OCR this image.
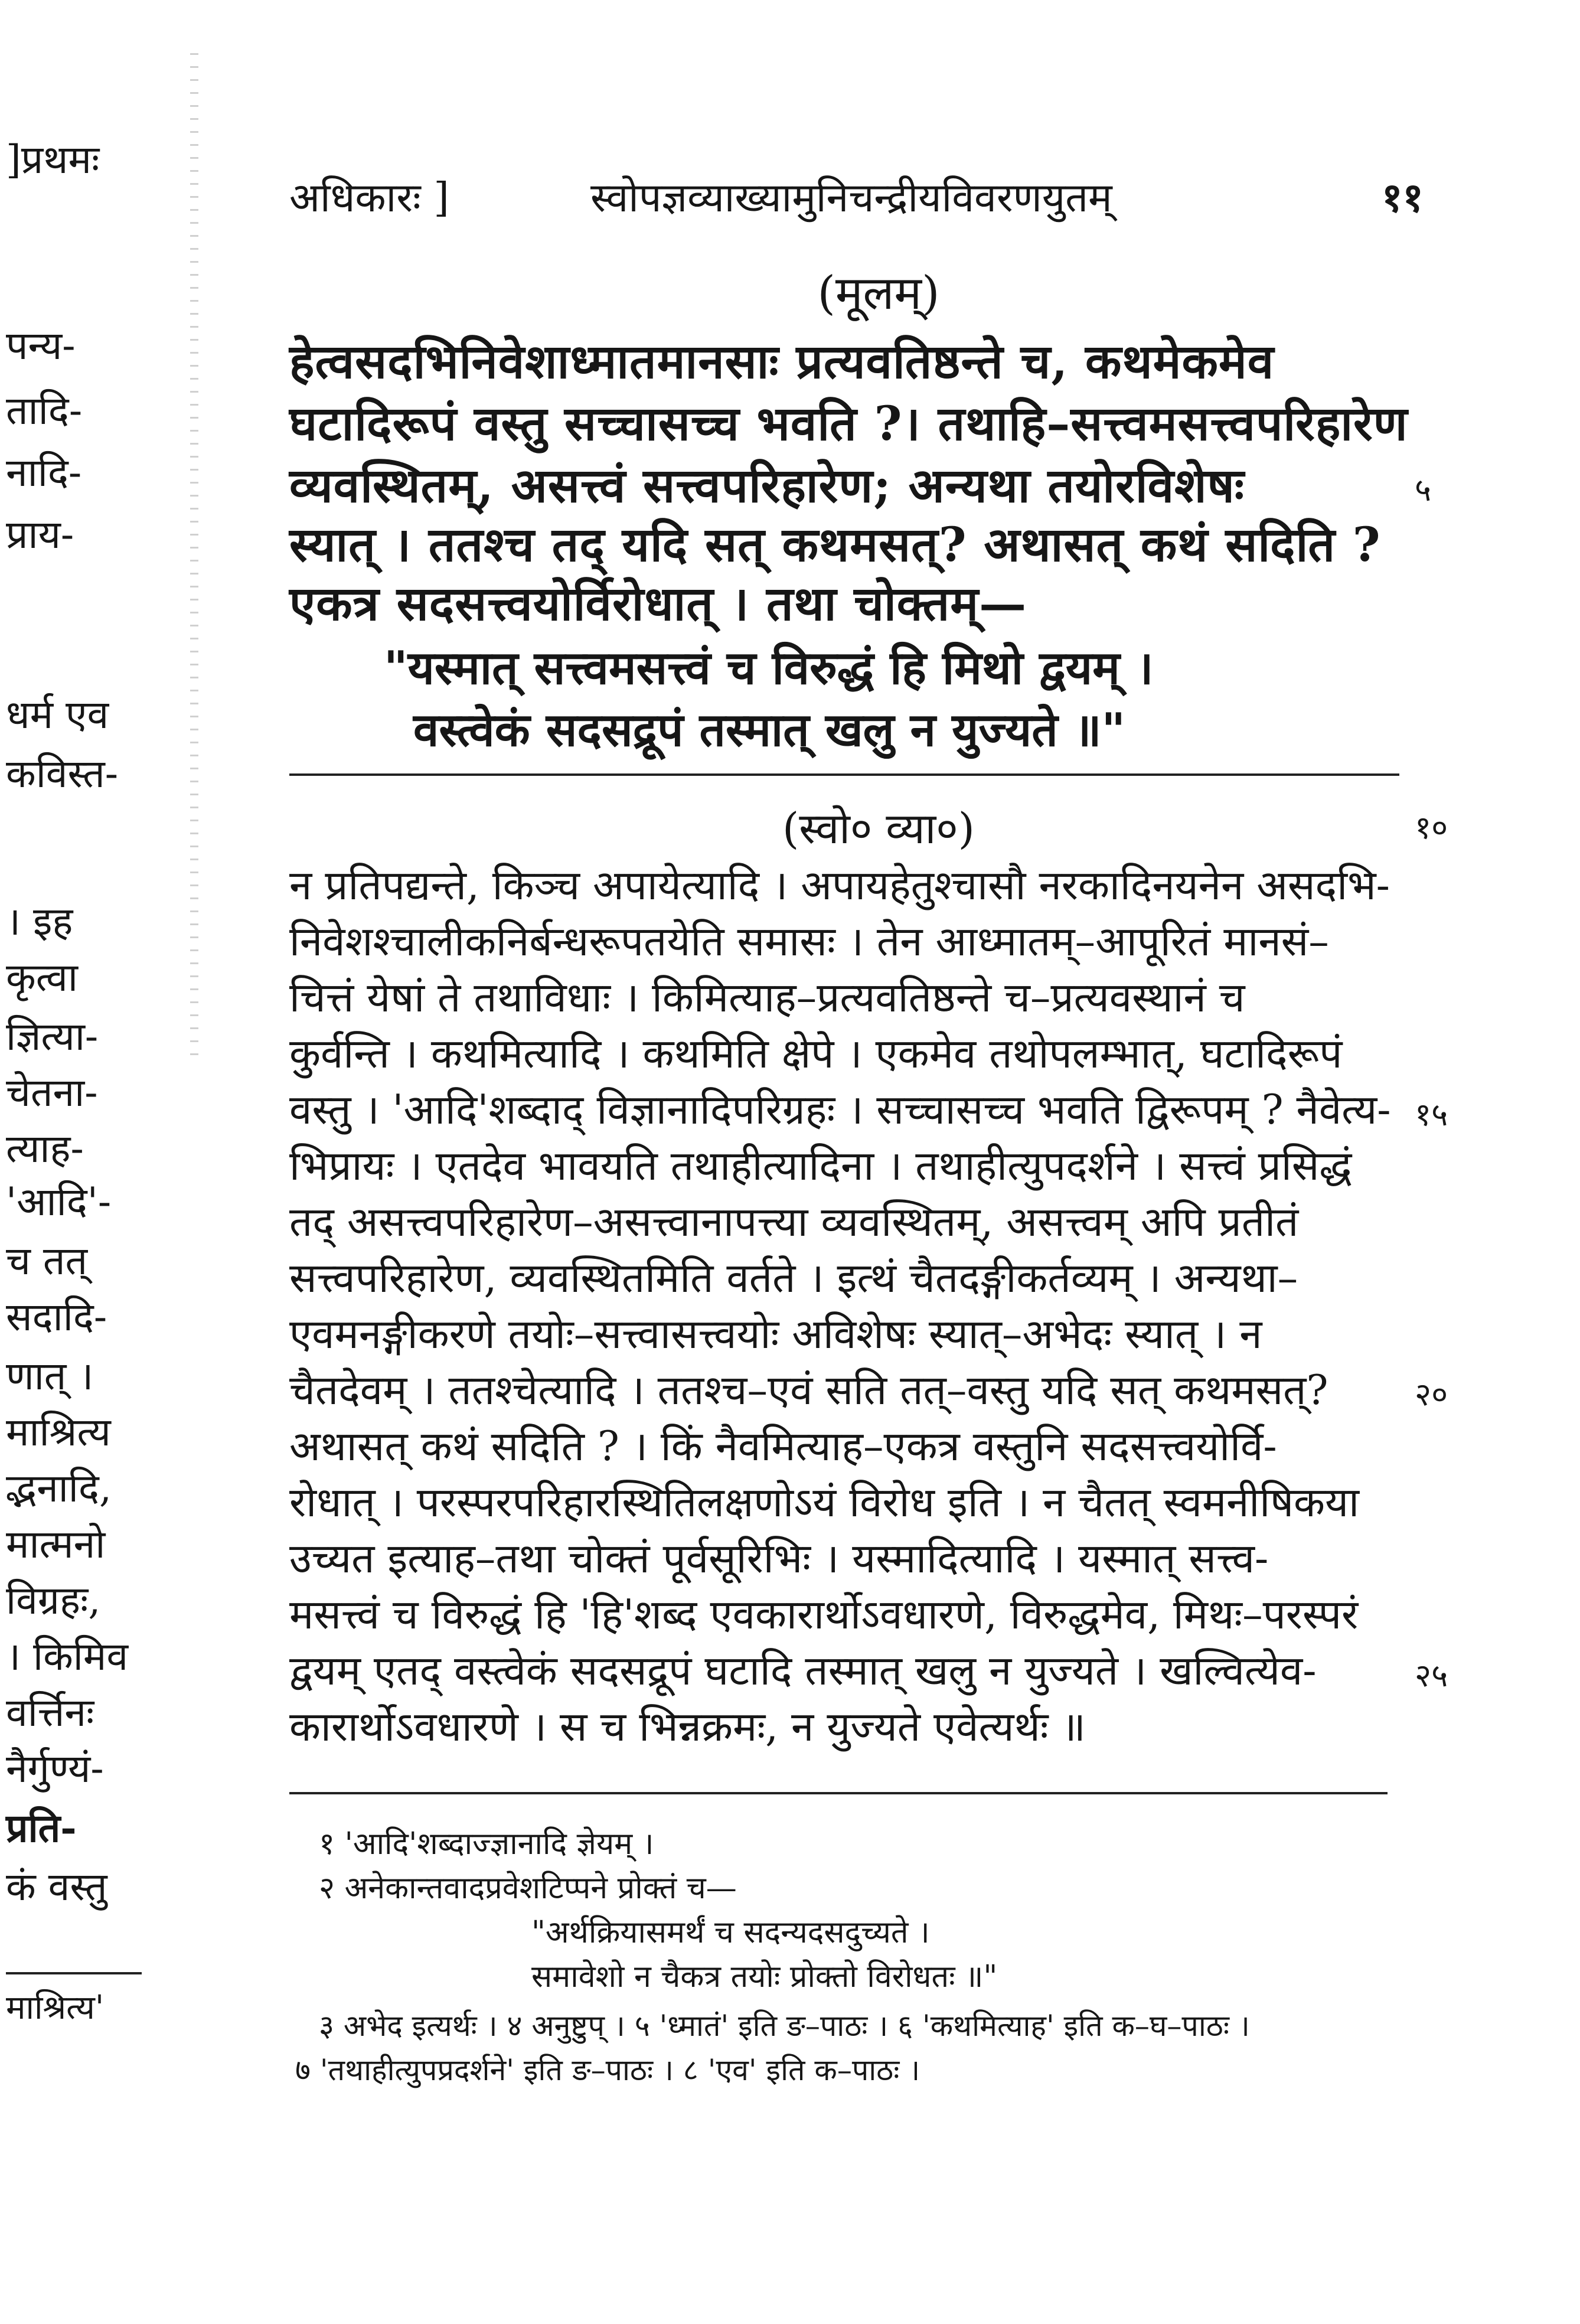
]प्रथमः
पन्य-
तादि-
नादि-
प्राय-
धर्म एव
कविस्त-
। इह
कृत्वा
ज्ञित्या-
चेतना-
त्याह-
'आदि'-
च तत्
सदादि-
णात् ।
माश्रित्य
द्भनादि,
मात्मनो
विग्रहः,
। किमिव
वर्त्तिनः
नैर्गुण्यं-
प्रति-
कं वस्तु
माश्रित्य'
अधिकारः ]	स्वोपज्ञव्याख्यामुनिचन्द्रीयविवरणयुतम्	११
(मूलम्)
हेत्वसदभिनिवेशाध्मातमानसाः प्रत्यवतिष्ठन्ते च, कथमेकमेव
घटादिरूपं वस्तु सच्चासच्च भवति ?। तथाहि–सत्त्वमसत्त्वपरिहारेण
व्यवस्थितम्, असत्त्वं सत्त्वपरिहारेण; अन्यथा तयोरविशेषः	५
स्यात् । ततश्च तद् यदि सत् कथमसत्? अथासत् कथं सदिति ?
एकत्र सदसत्त्वयोर्विरोधात् । तथा चोक्तम्—
"यस्मात् सत्त्वमसत्त्वं च विरुद्धं हि मिथो द्वयम् ।
वस्त्वेकं सदसद्रूपं तस्मात् खलु न युज्यते ॥"
(स्वो० व्या०)	१०
न प्रतिपद्यन्ते, किञ्च अपायेत्यादि । अपायहेतुश्चासौ नरकादिनयनेन असदभि-
निवेशश्चालीकनिर्बन्धरूपतयेति समासः । तेन आध्मातम्–आपूरितं मानसं–
चित्तं येषां ते तथाविधाः । किमित्याह–प्रत्यवतिष्ठन्ते च–प्रत्यवस्थानं च
कुर्वन्ति । कथमित्यादि । कथमिति क्षेपे । एकमेव तथोपलम्भात्, घटादिरूपं
वस्तु । 'आदि'शब्दाद् विज्ञानादिपरिग्रहः । सच्चासच्च भवति द्विरूपम् ? नैवेत्य- १५
भिप्रायः । एतदेव भावयति तथाहीत्यादिना । तथाहीत्युपदर्शने । सत्त्वं प्रसिद्धं
तद् असत्त्वपरिहारेण–असत्त्वानापत्त्या व्यवस्थितम्, असत्त्वम् अपि प्रतीतं
सत्त्वपरिहारेण, व्यवस्थितमिति वर्तते । इत्थं चैतदङ्गीकर्तव्यम् । अन्यथा–
एवमनङ्गीकरणे तयोः–सत्त्वासत्त्वयोः अविशेषः स्यात्–अभेदः स्यात् । न
चैतदेवम् । ततश्चेत्यादि । ततश्च–एवं सति तत्–वस्तु यदि सत् कथमसत्?	२०
अथासत् कथं सदिति ? । किं नैवमित्याह–एकत्र वस्तुनि सदसत्त्वयोर्वि-
रोधात् । परस्परपरिहारस्थितिलक्षणोऽयं विरोध इति । न चैतत् स्वमनीषिकया
उच्यत इत्याह–तथा चोक्तं पूर्वसूरिभिः । यस्मादित्यादि । यस्मात् सत्त्व-
मसत्त्वं च विरुद्धं हि 'हि'शब्द एवकारार्थोऽवधारणे, विरुद्धमेव, मिथः–परस्परं
द्वयम् एतद् वस्त्वेकं सदसद्रूपं घटादि तस्मात् खलु न युज्यते । खल्वित्येव-	२५
कारार्थोऽवधारणे । स च भिन्नक्रमः, न युज्यते एवेत्यर्थः ॥
१ 'आदि'शब्दाज्ज्ञानादि ज्ञेयम् ।
२ अनेकान्तवादप्रवेशटिप्पने प्रोक्तं च—
"अर्थक्रियासमर्थं च सदन्यदसदुच्यते ।
समावेशो न चैकत्र तयोः प्रोक्तो विरोधतः ॥"
३ अभेद इत्यर्थः । ४ अनुष्टुप् । ५ 'ध्मातं' इति ङ–पाठः । ६ 'कथमित्याह' इति क–घ–पाठः ।
७ 'तथाहीत्युपप्रदर्शने' इति ङ–पाठः । ८ 'एव' इति क–पाठः ।
